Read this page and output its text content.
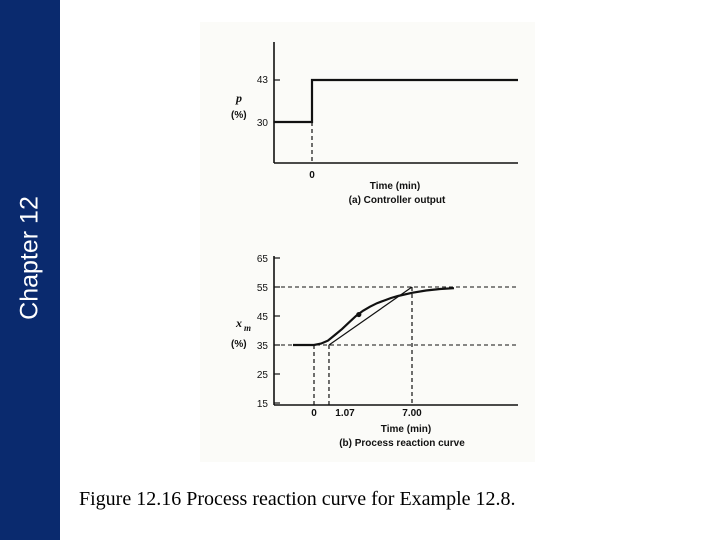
Chapter 12
43
30
p
(%)
0
Time (min)
(a) Controller output
15
25
35
45
55
65
x m
(%)
0 1.07	7.00
Time (min)
(b) Process reaction curve
Figure 12.16 Process reaction curve for Example 12.8.
